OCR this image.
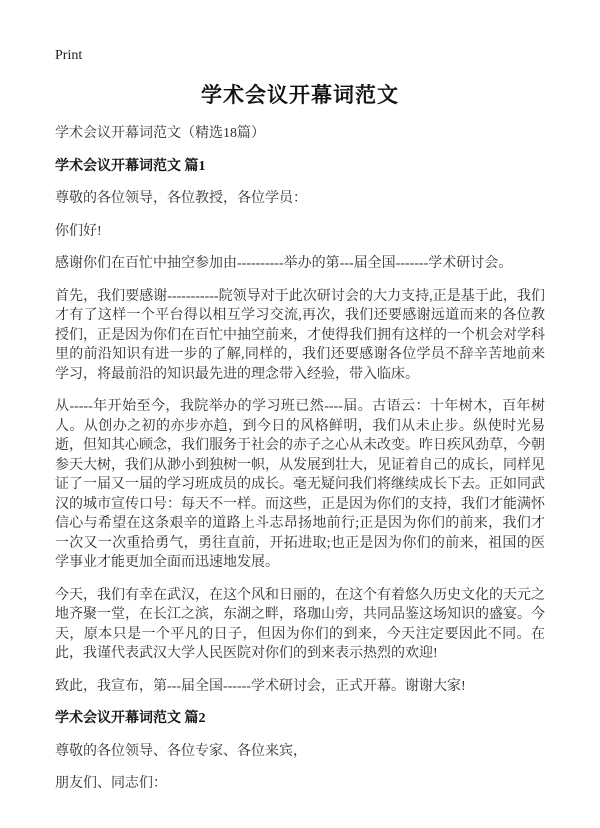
Print
学术会议开幕词范文

学术会议开幕词范文（精选18篇）

学术会议开幕词范文 篇1

尊敬的各位领导，各位教授，各位学员：

你们好!

感谢你们在百忙中抽空参加由----------举办的第---届全国-------学术研讨会。

首先，我们要感谢-----------院领导对于此次研讨会的大力支持,正是基于此，我们才有了这样一个平台得以相互学习交流,再次，我们还要感谢远道而来的各位教授们，正是因为你们在百忙中抽空前来，才使得我们拥有这样的一个机会对学科里的前沿知识有进一步的了解,同样的，我们还要感谢各位学员不辞辛苦地前来学习，将最前沿的知识最先进的理念带入经验，带入临床。

从-----年开始至今，我院举办的学习班已然----届。古语云：十年树木，百年树人。从创办之初的亦步亦趋，到今日的风格鲜明，我们从未止步。纵使时光易逝，但知其心顾念，我们服务于社会的赤子之心从未改变。昨日疾风劲草，今朝参天大树，我们从渺小到独树一帜，从发展到壮大，见证着自己的成长，同样见证了一届又一届的学习班成员的成长。毫无疑问我们将继续成长下去。正如同武汉的城市宣传口号：每天不一样。而这些，正是因为你们的支持，我们才能满怀信心与希望在这条艰辛的道路上斗志昂扬地前行;正是因为你们的前来，我们才一次又一次重拾勇气，勇往直前，开拓进取;也正是因为你们的前来，祖国的医学事业才能更加全面而迅速地发展。

今天，我们有幸在武汉，在这个风和日丽的，在这个有着悠久历史文化的天元之地齐聚一堂，在长江之滨，东湖之畔，珞珈山旁，共同品鉴这场知识的盛宴。今天，原本只是一个平凡的日子，但因为你们的到来，今天注定要因此不同。在此，我谨代表武汉大学人民医院对你们的到来表示热烈的欢迎!

致此，我宣布，第---届全国------学术研讨会，正式开幕。谢谢大家!

学术会议开幕词范文 篇2

尊敬的各位领导、各位专家、各位来宾，

朋友们、同志们：
